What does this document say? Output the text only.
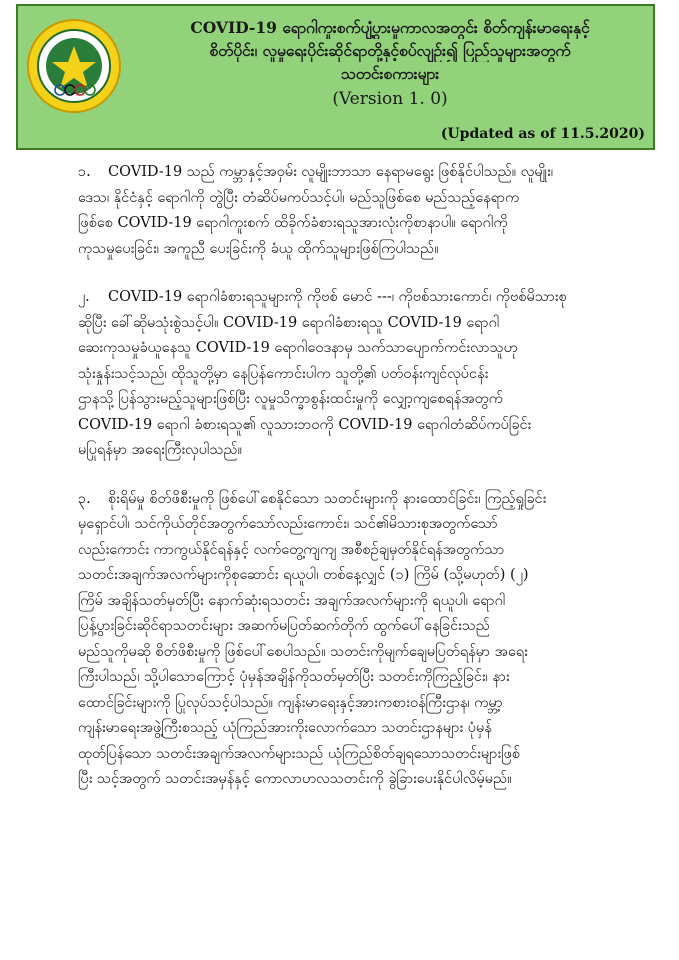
COVID-19 ရောဂါကူးစက်ပျံ့ပွားမှုကာလအတွင်း စိတ်ကျန်းမာရေးနှင့်
စိတ်ပိုင်း၊ လူမှုရေးပိုင်းဆိုင်ရာတို့နှင့်စပ်လျဉ်း၍ ပြည်သူများအတွက်
သတင်းစကားများ
(Version 1. 0)
(Updated as of 11.5.2020)
၁. COVID-19 သည် ကမ္ဘာနှင့်အဝှမ်း လူမျိုးဘာသာ နေရာမရွေး ဖြစ်နိုင်ပါသည်။ လူမျိုး၊
ဒေသ၊ နိုင်ငံနှင့် ရောဂါကို တွဲပြီး တံဆိပ်မကပ်သင့်ပါ၊ မည်သူဖြစ်စေ မည်သည့်နေရာက
ဖြစ်စေ COVID-19 ရောဂါကူးစက် ထိခိုက်ခံစားရသူအားလုံးကိုစာနာပါ။ ရောဂါကို
ကုသမှုပေးခြင်း၊ အကူညီ ပေးခြင်းကို ခံယူ ထိုက်သူများဖြစ်ကြပါသည်။
၂. COVID-19 ရောဂါခံစားရသူများကို ကိုဗစ် မောင် ---၊ ကိုဗစ်သားကောင်၊ ကိုဗစ်မိသားစု
ဆိုပြီး ခေါ်ဆိုမသုံးစွဲသင့်ပါ။ COVID-19 ရောဂါခံစားရသူ COVID-19 ရောဂါ
ဆေးကုသမှုခံယူနေသူ COVID-19 ရောဂါဝေဒနာမှ သက်သာပျောက်ကင်းလာသူဟု
သုံးနှုန်းသင့်သည်၊ ထိုသူတို့မှာ နေပြန်ကောင်းပါက သူတို့၏ ပတ်ဝန်းကျင်လုပ်ငန်း
ဌာနသို့ ပြန်သွားမည့်သူများဖြစ်ပြီး လူမှုသိက္ခာစွန်းထင်းမှုကို လျှော့ကျစေရန်အတွက်
COVID-19 ရောဂါ ခံစားရသူ၏ လူသားဘဝကို COVID-19 ရောဂါတံဆိပ်ကပ်ခြင်း
မပြုရန်မှာ အရေးကြီးလှပါသည်။
၃. စိုးရိမ်မှု စိတ်ဖိစီးမှုကို ဖြစ်ပေါ်စေနိုင်သော သတင်းများကို နားထောင်ခြင်း၊ ကြည့်ရှုခြင်း
မှရှောင်ပါ၊ သင်ကိုယ်တိုင်အတွက်သော်လည်းကောင်း၊ သင်၏မိသားစုအတွက်သော်
လည်းကောင်း ကာကွယ်နိုင်ရန်နှင့် လက်တွေ့ကျကျ အစီစဉ်ချမှတ်နိုင်ရန်အတွက်သာ
သတင်းအချက်အလက်များကိုစုဆောင်း ရယူပါ၊ တစ်နေ့လျှင် (၁) ကြိမ် (သို့မဟုတ်) (၂)
ကြိမ် အချိန်သတ်မှတ်ပြီး နောက်ဆုံးရသတင်း အချက်အလက်များကို ရယူပါ၊ ရောဂါ
ပြန့်ပွားခြင်းဆိုင်ရာသတင်းများ အဆက်မပြတ်ဆက်တိုက် ထွက်ပေါ်နေခြင်းသည်
မည်သူကိုမဆို စိတ်ဖိစီးမှုကို ဖြစ်ပေါ်စေပါသည်။ သတင်းကိုမျက်ချေမပြတ်ရန်မှာ အရေး
ကြီးပါသည်၊ သို့ပါသောကြောင့် ပုံမှန်အချိန်ကိုသတ်မှတ်ပြီး သတင်းကိုကြည့်ခြင်း၊ နား
ထောင်ခြင်းများကို ပြုလုပ်သင့်ပါသည်။ ကျန်းမာရေးနှင့်အားကစားဝန်ကြီးဌာန၊ ကမ္ဘာ့
ကျန်းမာရေးအဖွဲ့ကြီးစသည့် ယုံကြည်အားကိုးလောက်သော သတင်းဌာနများ ပုံမှန်
ထုတ်ပြန်သော သတင်းအချက်အလက်များသည် ယုံကြည်စိတ်ချရသောသတင်းများဖြစ်
ပြီး သင့်အတွက် သတင်းအမှန်နှင့် ကောလာဟလသတင်းကို ခွဲခြားပေးနိုင်ပါလိမ့်မည်။
